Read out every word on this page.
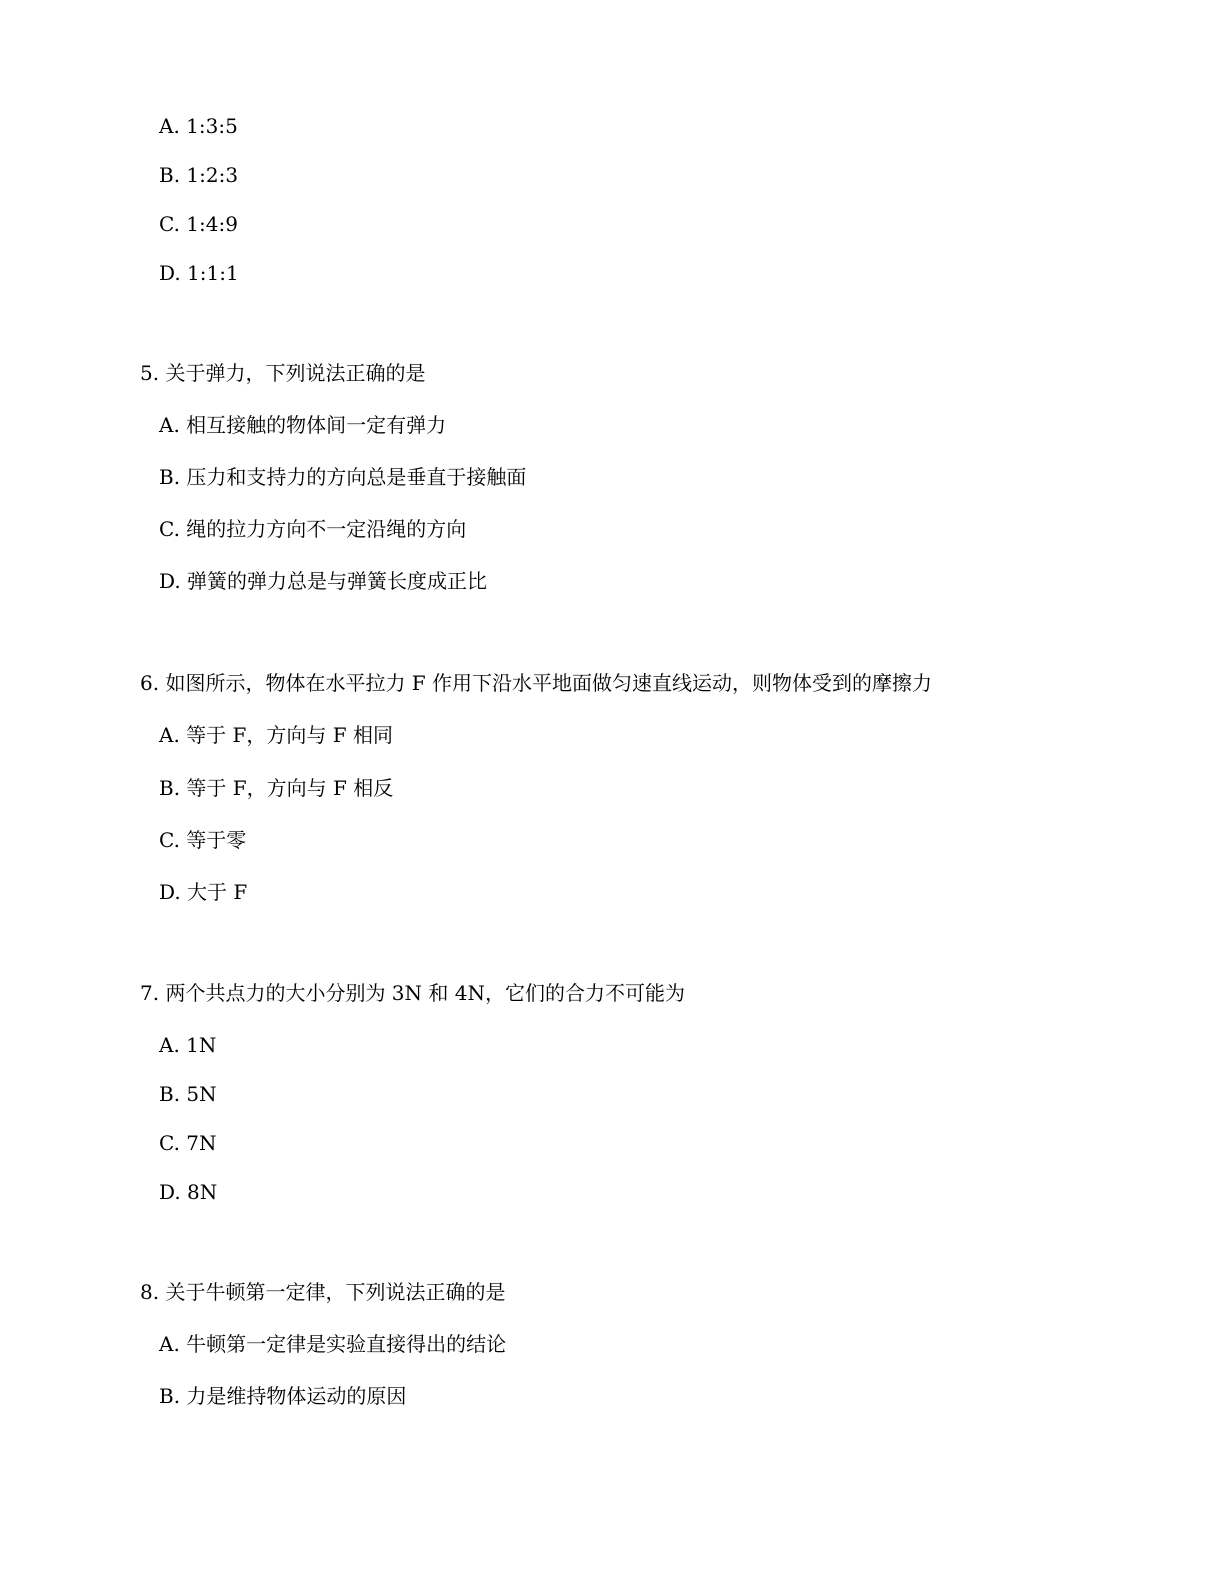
A. 1:3:5
B. 1:2:3
C. 1:4:9
D. 1:1:1
5. 关于弹力，下列说法正确的是
A. 相互接触的物体间一定有弹力
B. 压力和支持力的方向总是垂直于接触面
C. 绳的拉力方向不一定沿绳的方向
D. 弹簧的弹力总是与弹簧长度成正比
6. 如图所示，物体在水平拉力 F 作用下沿水平地面做匀速直线运动，则物体受到的摩擦力
A. 等于 F，方向与 F 相同
B. 等于 F，方向与 F 相反
C. 等于零
D. 大于 F
7. 两个共点力的大小分别为 3N 和 4N，它们的合力不可能为
A. 1N
B. 5N
C. 7N
D. 8N
8. 关于牛顿第一定律，下列说法正确的是
A. 牛顿第一定律是实验直接得出的结论
B. 力是维持物体运动的原因
